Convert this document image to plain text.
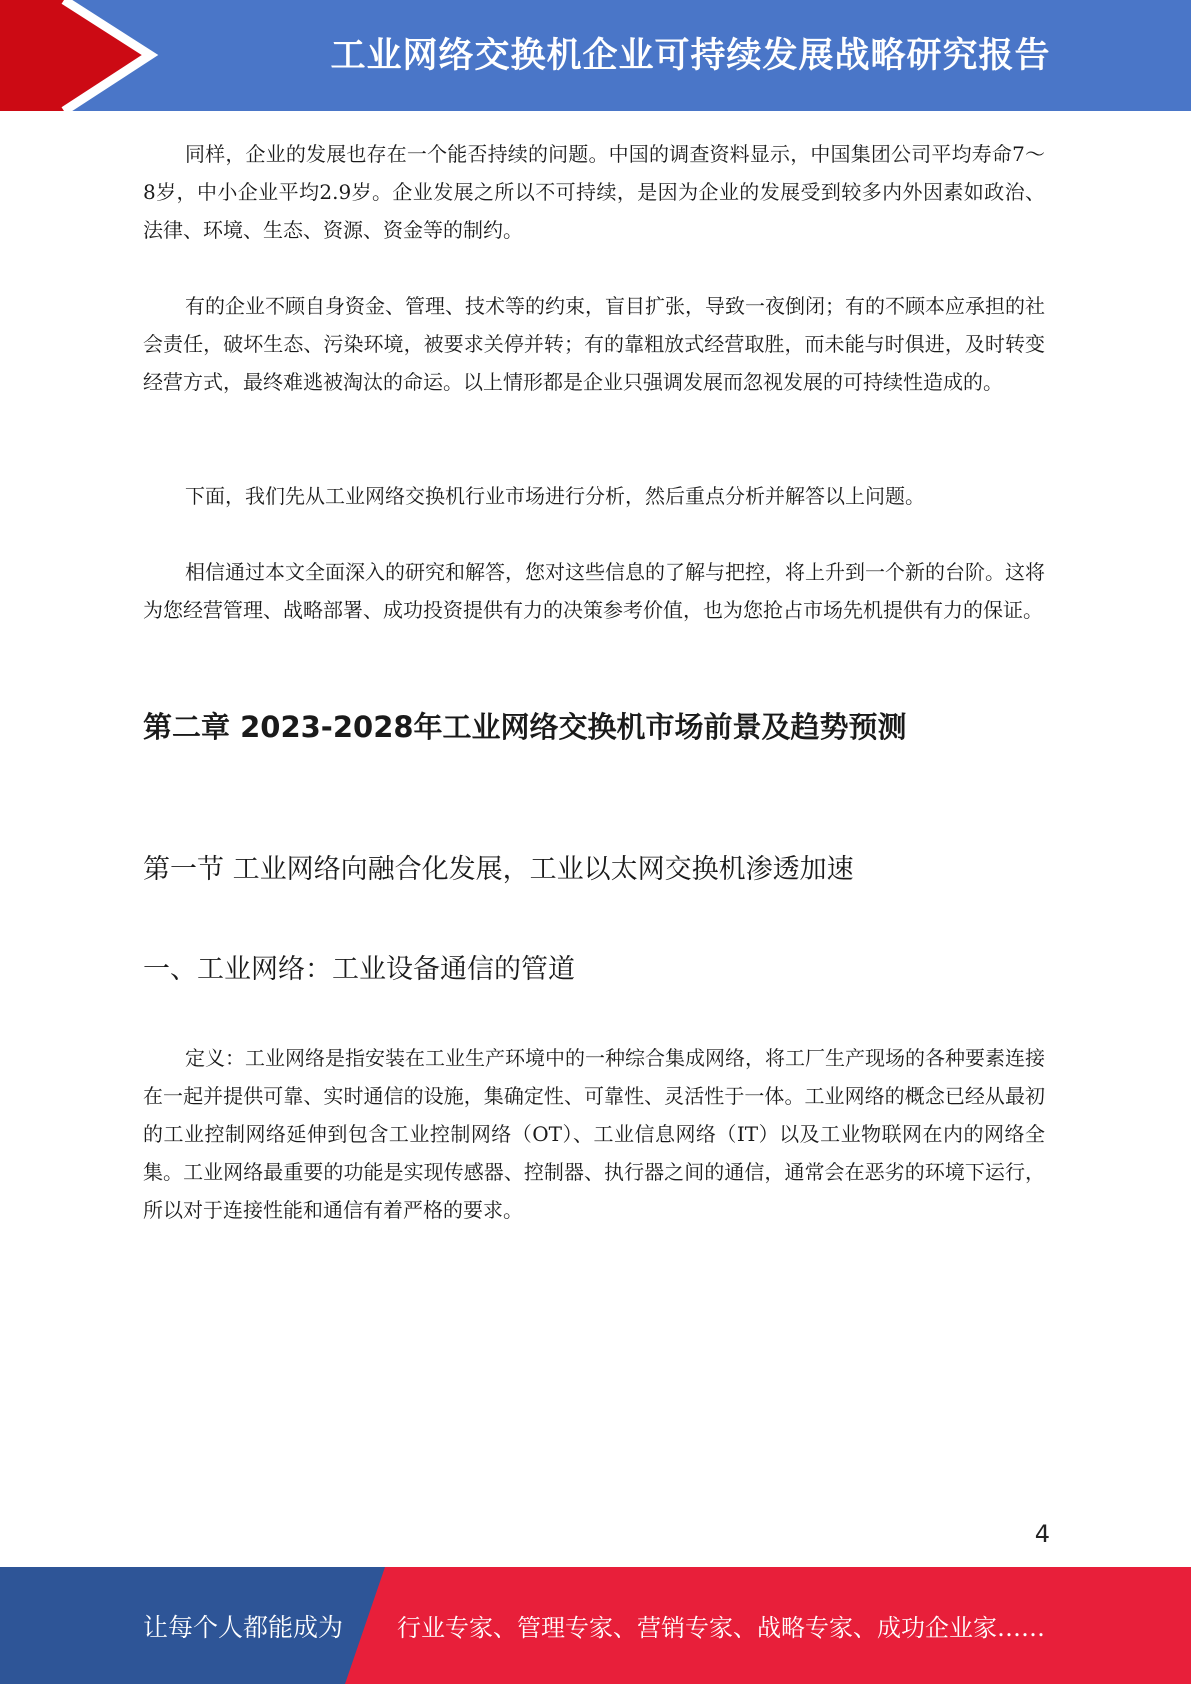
工业网络交换机企业可持续发展战略研究报告

同样，企业的发展也存在一个能否持续的问题。中国的调查资料显示，中国集团公司平均寿命7～8岁，中小企业平均2.9岁。企业发展之所以不可持续，是因为企业的发展受到较多内外因素如政治、法律、环境、生态、资源、资金等的制约。

有的企业不顾自身资金、管理、技术等的约束，盲目扩张，导致一夜倒闭；有的不顾本应承担的社会责任，破坏生态、污染环境，被要求关停并转；有的靠粗放式经营取胜，而未能与时俱进，及时转变经营方式，最终难逃被淘汰的命运。以上情形都是企业只强调发展而忽视发展的可持续性造成的。

下面，我们先从工业网络交换机行业市场进行分析，然后重点分析并解答以上问题。

相信通过本文全面深入的研究和解答，您对这些信息的了解与把控，将上升到一个新的台阶。这将为您经营管理、战略部署、成功投资提供有力的决策参考价值，也为您抢占市场先机提供有力的保证。

第二章 2023-2028年工业网络交换机市场前景及趋势预测
第一节 工业网络向融合化发展，工业以太网交换机渗透加速
一、工业网络：工业设备通信的管道

定义：工业网络是指安装在工业生产环境中的一种综合集成网络，将工厂生产现场的各种要素连接在一起并提供可靠、实时通信的设施，集确定性、可靠性、灵活性于一体。工业网络的概念已经从最初的工业控制网络延伸到包含工业控制网络（OT）、工业信息网络（IT）以及工业物联网在内的网络全集。工业网络最重要的功能是实现传感器、控制器、执行器之间的通信，通常会在恶劣的环境下运行，所以对于连接性能和通信有着严格的要求。

4
让每个人都能成为 行业专家、管理专家、营销专家、战略专家、成功企业家……
